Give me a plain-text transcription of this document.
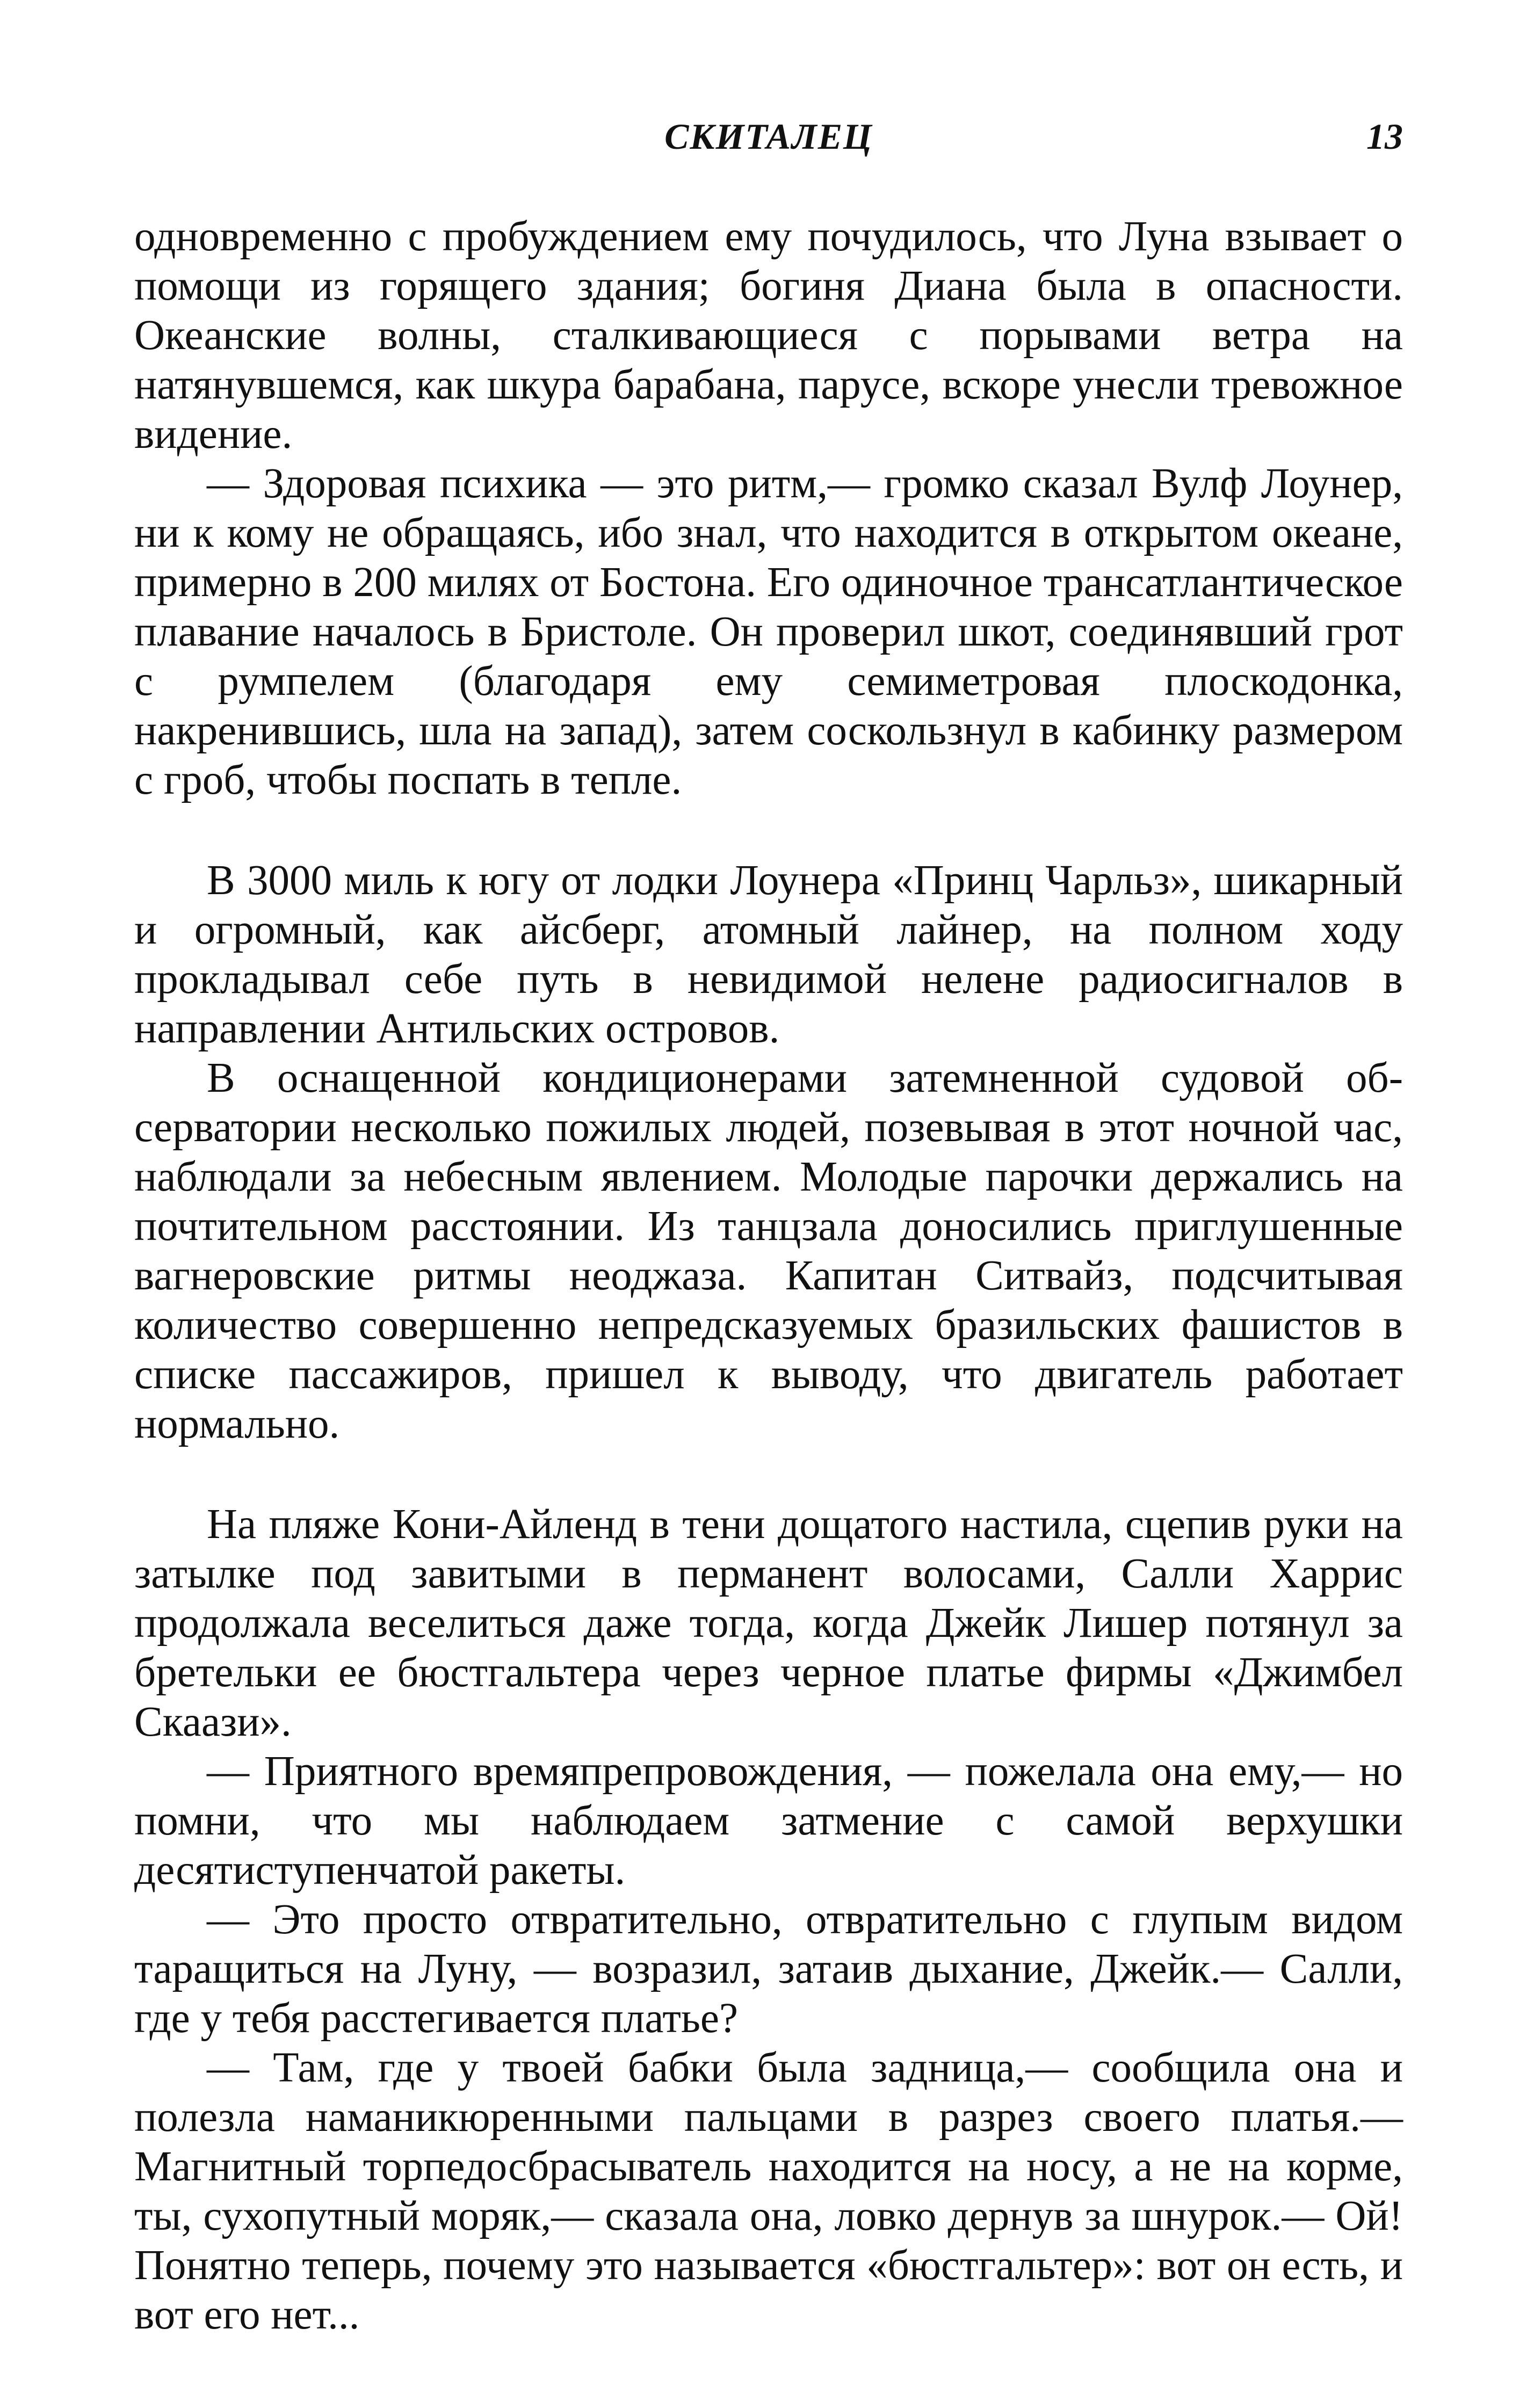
СКИТАЛЕЦ	13

одновременно с пробуждением ему почудилось, что Луна взывает о помощи из горящего здания; богиня Диана была в опасности. Океанские волны, сталкивающиеся с порывами ветра на натянувшемся, как шкура барабана, парусе, вскоре унесли тревожное видение.

— Здоровая психика — это ритм,— громко сказал Вулф Лоунер, ни к кому не обращаясь, ибо знал, что находится в открытом океане, примерно в 200 милях от Бостона. Его одиночное трансатлантическое плавание началось в Бристоле. Он проверил шкот, соединявший грот с румпелем (благодаря ему семиметровая плоскодонка, накренившись, шла на запад), затем соскользнул в кабинку размером с гроб, чтобы поспать в тепле.

В 3000 миль к югу от лодки Лоунера «Принц Чарльз», шикарный и огромный, как айсберг, атомный лайнер, на полном ходу прокладывал себе путь в невидимой нелене радиосигналов в направлении Антильских островов.

В оснащенной кондиционерами затемненной судовой обсерватории несколько пожилых людей, позевывая в этот ночной час, наблюдали за небесным явлением. Молодые парочки держались на почтительном расстоянии. Из танцзала доносились приглушенные вагнеровские ритмы неоджаза. Капитан Ситвайз, подсчитывая количество совершенно непредсказуемых бразильских фашистов в списке пассажиров, пришел к выводу, что двигатель работает нормально.

На пляже Кони-Айленд в тени дощатого настила, сцепив руки на затылке под завитыми в перманент волосами, Салли Харрис продолжала веселиться даже тогда, когда Джейк Лишер потянул за бретельки ее бюстгальтера через черное платье фирмы «Джимбел Скаази».

— Приятного времяпрепровождения, — пожелала она ему,— но помни, что мы наблюдаем затмение с самой верхушки десятиступенчатой ракеты.

— Это просто отвратительно, отвратительно с глупым видом таращиться на Луну, — возразил, затаив дыхание, Джейк.— Салли, где у тебя расстегивается платье?

— Там, где у твоей бабки была задница,— сообщила она и полезла наманикюренными пальцами в разрез своего платья.— Магнитный торпедосбрасыватель находится на носу, а не на корме, ты, сухопутный моряк,— сказала она, ловко дернув за шнурок.— Ой! Понятно теперь, почему это называется «бюстгальтер»: вот он есть, и вот его нет...
